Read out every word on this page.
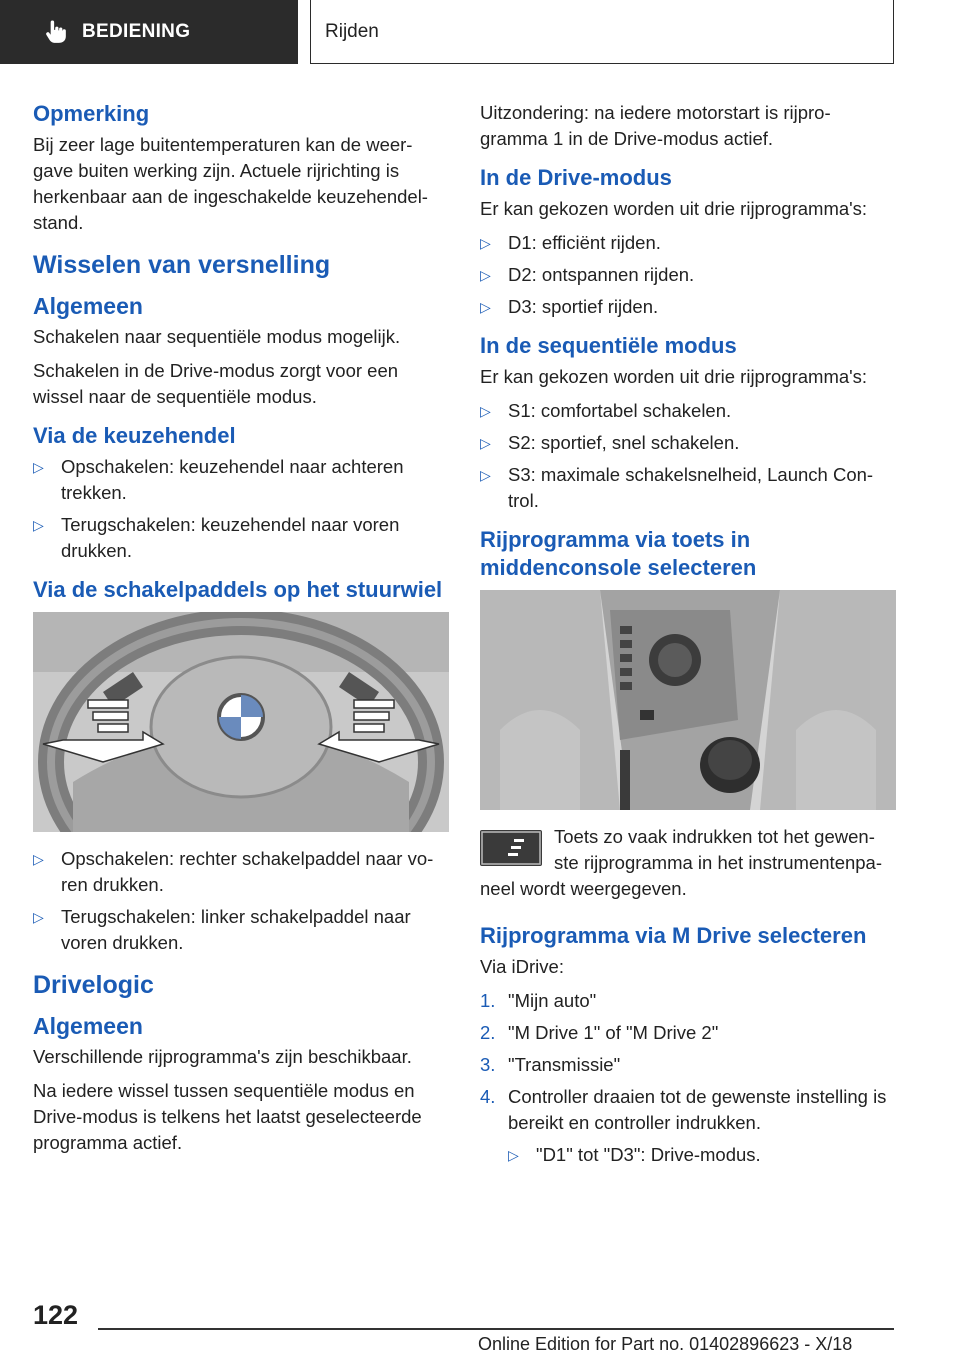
BEDIENING	Rijden
Opmerking

Bij zeer lage buitentemperaturen kan de weer-gave buiten werking zijn. Actuele rijrichting is herkenbaar aan de ingeschakelde keuzehendel-stand.

Wisselen van versnelling
Algemeen

Schakelen naar sequentiële modus mogelijk.

Schakelen in de Drive-modus zorgt voor een wissel naar de sequentiële modus.

Via de keuzehendel
▷ Opschakelen: keuzehendel naar achteren trekken.
▷ Terugschakelen: keuzehendel naar voren drukken.
Via de schakelpaddels op het stuurwiel
▷ Opschakelen: rechter schakelpaddel naar vo-ren drukken.
▷ Terugschakelen: linker schakelpaddel naar voren drukken.
Drivelogic
Algemeen

Verschillende rijprogramma's zijn beschikbaar.

Na iedere wissel tussen sequentiële modus en Drive-modus is telkens het laatst geselecteerde programma actief.

Uitzondering: na iedere motorstart is rijpro-gramma 1 in de Drive-modus actief.

In de Drive-modus

Er kan gekozen worden uit drie rijprogramma's:

▷ D1: efficiënt rijden.
▷ D2: ontspannen rijden.
▷ D3: sportief rijden.
In de sequentiële modus

Er kan gekozen worden uit drie rijprogramma's:

▷ S1: comfortabel schakelen.
▷ S2: sportief, snel schakelen.
▷ S3: maximale schakelsnelheid, Launch Con-trol.
Rijprogramma via toets in middenconsole selecteren

Toets zo vaak indrukken tot het gewen-ste rijprogramma in het instrumentenpa-neel wordt weergegeven.

Rijprogramma via M Drive selecteren

Via iDrive:

1. "Mijn auto"
2. "M Drive 1" of "M Drive 2"
3. "Transmissie"
4. Controller draaien tot de gewenste instelling is bereikt en controller indrukken.
▷ "D1" tot "D3": Drive-modus.
122
Online Edition for Part no. 01402896623 - X/18
